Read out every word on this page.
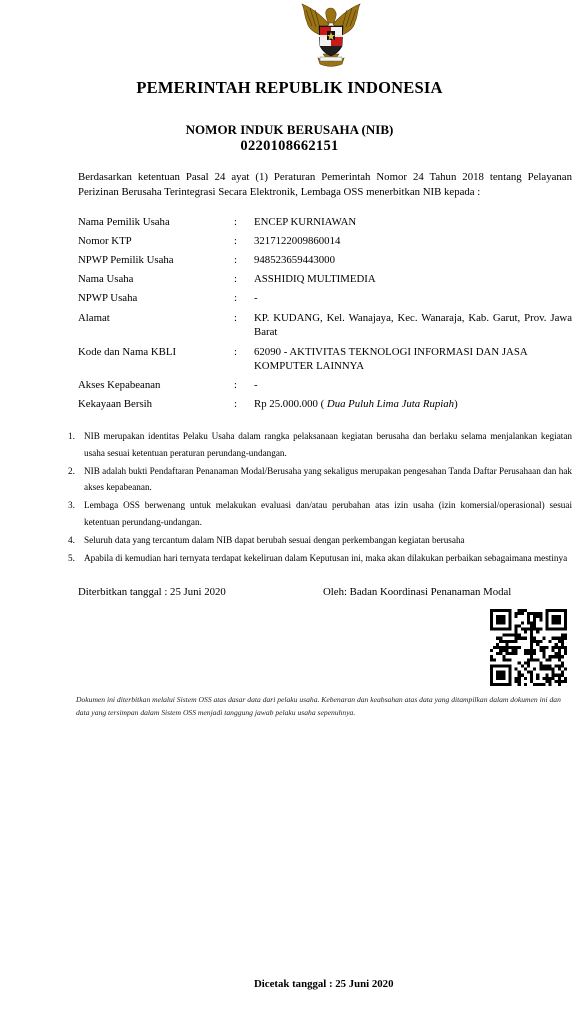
PEMERINTAH REPUBLIK INDONESIA
NOMOR INDUK BERUSAHA (NIB)
0220108662151
Berdasarkan ketentuan Pasal 24 ayat (1) Peraturan Pemerintah Nomor 24 Tahun 2018 tentang Pelayanan Perizinan Berusaha Terintegrasi Secara Elektronik, Lembaga OSS menerbitkan NIB kepada :
Nama Pemilik Usaha	: ENCEP KURNIAWAN
Nomor KTP	: 3217122009860014
NPWP Pemilik Usaha	: 948523659443000
Nama Usaha	: ASSHIDIQ MULTIMEDIA
NPWP Usaha	: -
Alamat	: KP. KUDANG, Kel. Wanajaya, Kec. Wanaraja, Kab. Garut, Prov. Jawa Barat
Kode dan Nama KBLI	: 62090 - AKTIVITAS TEKNOLOGI INFORMASI DAN JASA KOMPUTER LAINNYA
Akses Kepabeanan	: -
Kekayaan Bersih	: Rp 25.000.000 ( Dua Puluh Lima Juta Rupiah)
1. NIB merupakan identitas Pelaku Usaha dalam rangka pelaksanaan kegiatan berusaha dan berlaku selama menjalankan kegiatan usaha sesuai ketentuan peraturan perundang-undangan.
2. NIB adalah bukti Pendaftaran Penanaman Modal/Berusaha yang sekaligus merupakan pengesahan Tanda Daftar Perusahaan dan hak akses kepabeanan.
3. Lembaga OSS berwenang untuk melakukan evaluasi dan/atau perubahan atas izin usaha (izin komersial/operasional) sesuai ketentuan perundang-undangan.
4. Seluruh data yang tercantum dalam NIB dapat berubah sesuai dengan perkembangan kegiatan berusaha
5. Apabila di kemudian hari ternyata terdapat kekeliruan dalam Keputusan ini, maka akan dilakukan perbaikan sebagaimana mestinya
Diterbitkan tanggal : 25 Juni 2020	Oleh: Badan Koordinasi Penanaman Modal
Dokumen ini diterbitkan melalui Sistem OSS atas dasar data dari pelaku usaha. Kebenaran dan keabsahan atas data yang ditampilkan dalam dokumen ini dan data yang tersimpan dalam Sistem OSS menjadi tanggung jawab pelaku usaha sepenuhnya.
Dicetak tanggal : 25 Juni 2020
